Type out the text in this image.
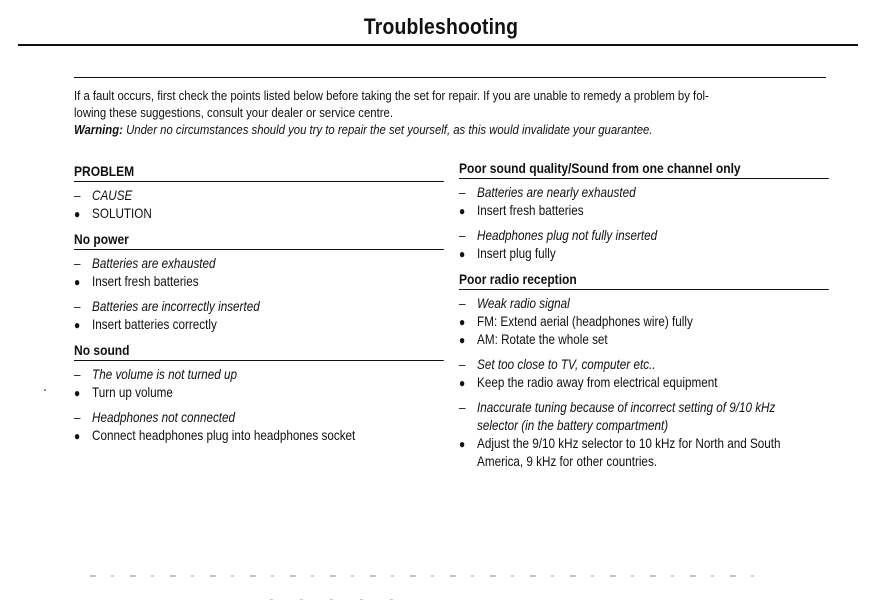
Troubleshooting

If a fault occurs, first check the points listed below before taking the set for repair. If you are unable to remedy a problem by fol-

lowing these suggestions, consult your dealer or service centre.

Warning: Under no circumstances should you try to repair the set yourself, as this would invalidate your guarantee.

PROBLEM
– CAUSE
● SOLUTION
No power
– Batteries are exhausted
● Insert fresh batteries
– Batteries are incorrectly inserted
● Insert batteries correctly
No sound
– The volume is not turned up
● Turn up volume
– Headphones not connected
● Connect headphones plug into headphones socket
Poor sound quality/Sound from one channel only
– Batteries are nearly exhausted
● Insert fresh batteries
– Headphones plug not fully inserted
● Insert plug fully
Poor radio reception
– Weak radio signal
● FM: Extend aerial (headphones wire) fully
● AM: Rotate the whole set
– Set too close to TV, computer etc..
● Keep the radio away from electrical equipment
– Inaccurate tuning because of incorrect setting of 9/10 kHz
selector (in the battery compartment)
● Adjust the 9/10 kHz selector to 10 kHz for North and South
America, 9 kHz for other countries.
